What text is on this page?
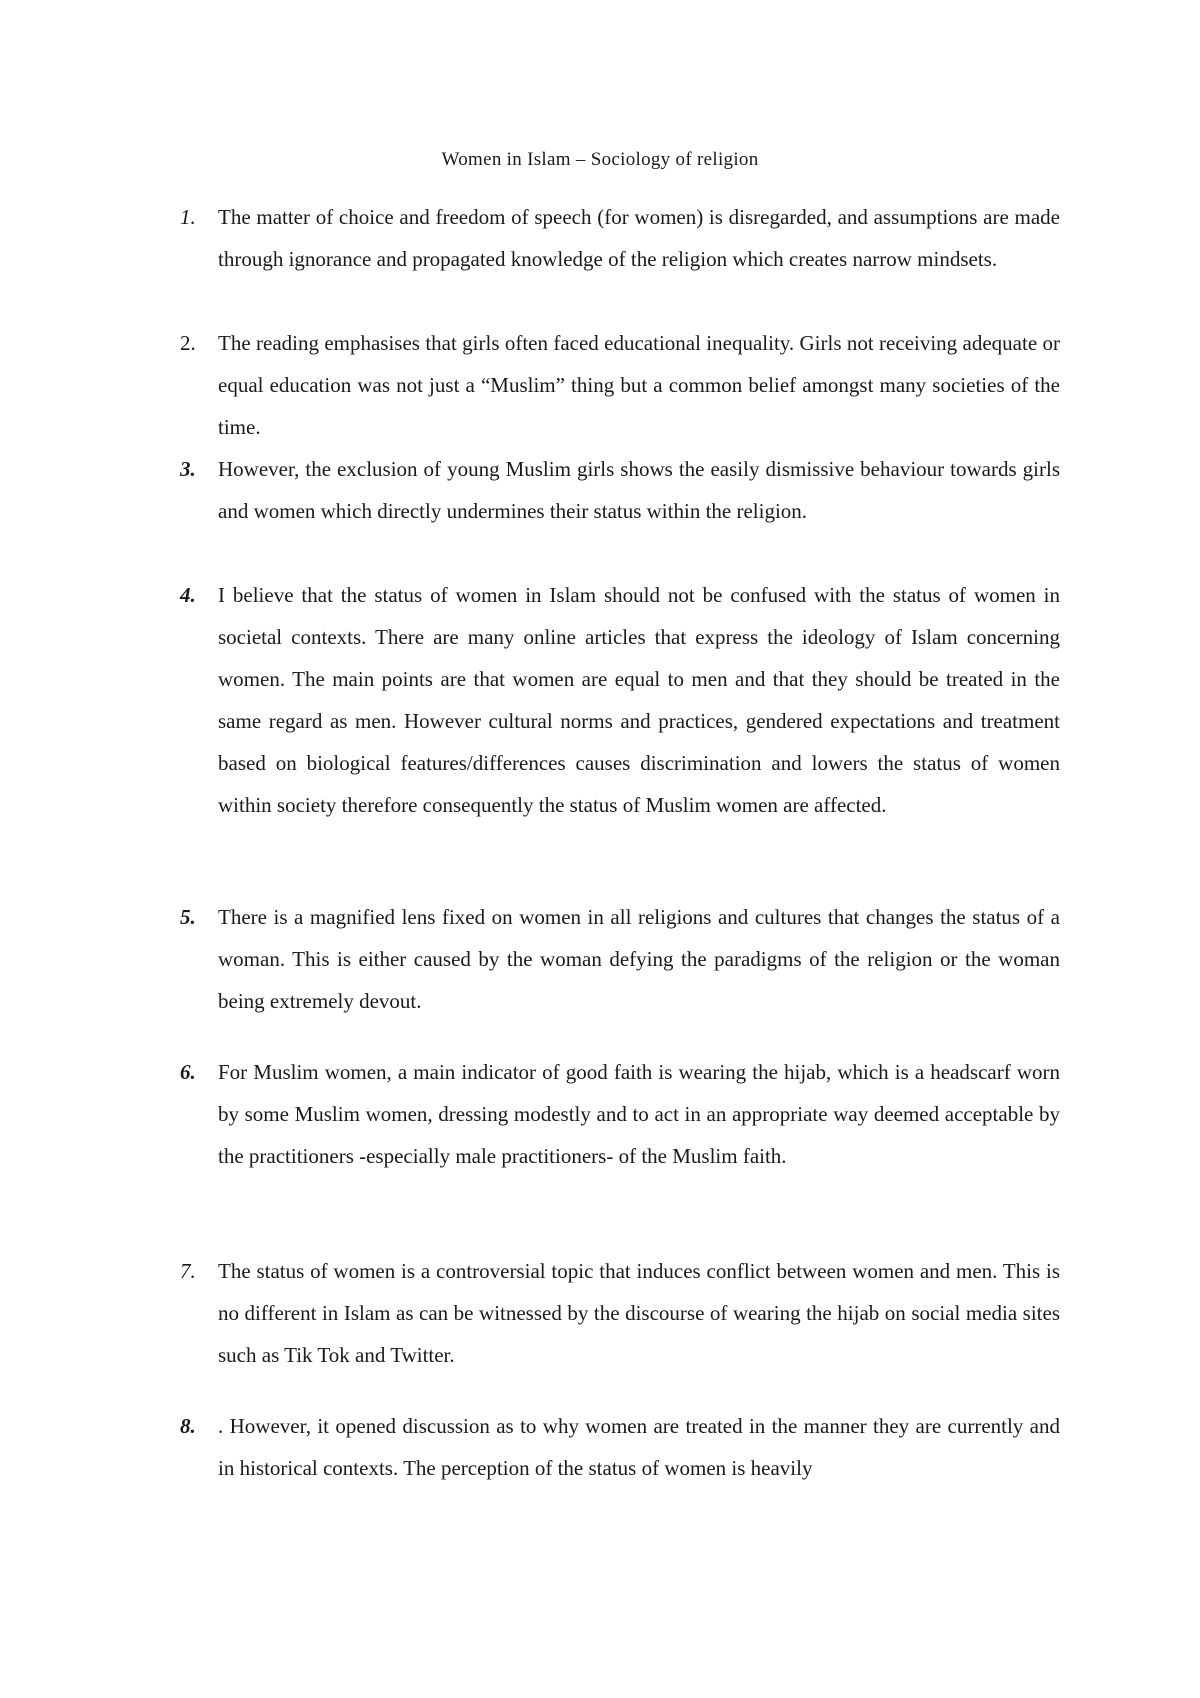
Women in Islam – Sociology of religion
1. The matter of choice and freedom of speech (for women) is disregarded, and assumptions are made through ignorance and propagated knowledge of the religion which creates narrow mindsets.

2. The reading emphasises that girls often faced educational inequality. Girls not receiving adequate or equal education was not just a “Muslim” thing but a common belief amongst many societies of the time.

3. However, the exclusion of young Muslim girls shows the easily dismissive behaviour towards girls and women which directly undermines their status within the religion.

4. I believe that the status of women in Islam should not be confused with the status of women in societal contexts. There are many online articles that express the ideology of Islam concerning women. The main points are that women are equal to men and that they should be treated in the same regard as men. However cultural norms and practices, gendered expectations and treatment based on biological features/differences causes discrimination and lowers the status of women within society therefore consequently the status of Muslim women are affected.

5. There is a magnified lens fixed on women in all religions and cultures that changes the status of a woman. This is either caused by the woman defying the paradigms of the religion or the woman being extremely devout.

6. For Muslim women, a main indicator of good faith is wearing the hijab, which is a headscarf worn by some Muslim women, dressing modestly and to act in an appropriate way deemed acceptable by the practitioners -especially male practitioners- of the Muslim faith.

7. The status of women is a controversial topic that induces conflict between women and men. This is no different in Islam as can be witnessed by the discourse of wearing the hijab on social media sites such as Tik Tok and Twitter.

8. . However, it opened discussion as to why women are treated in the manner they are currently and in historical contexts. The perception of the status of women is heavily
